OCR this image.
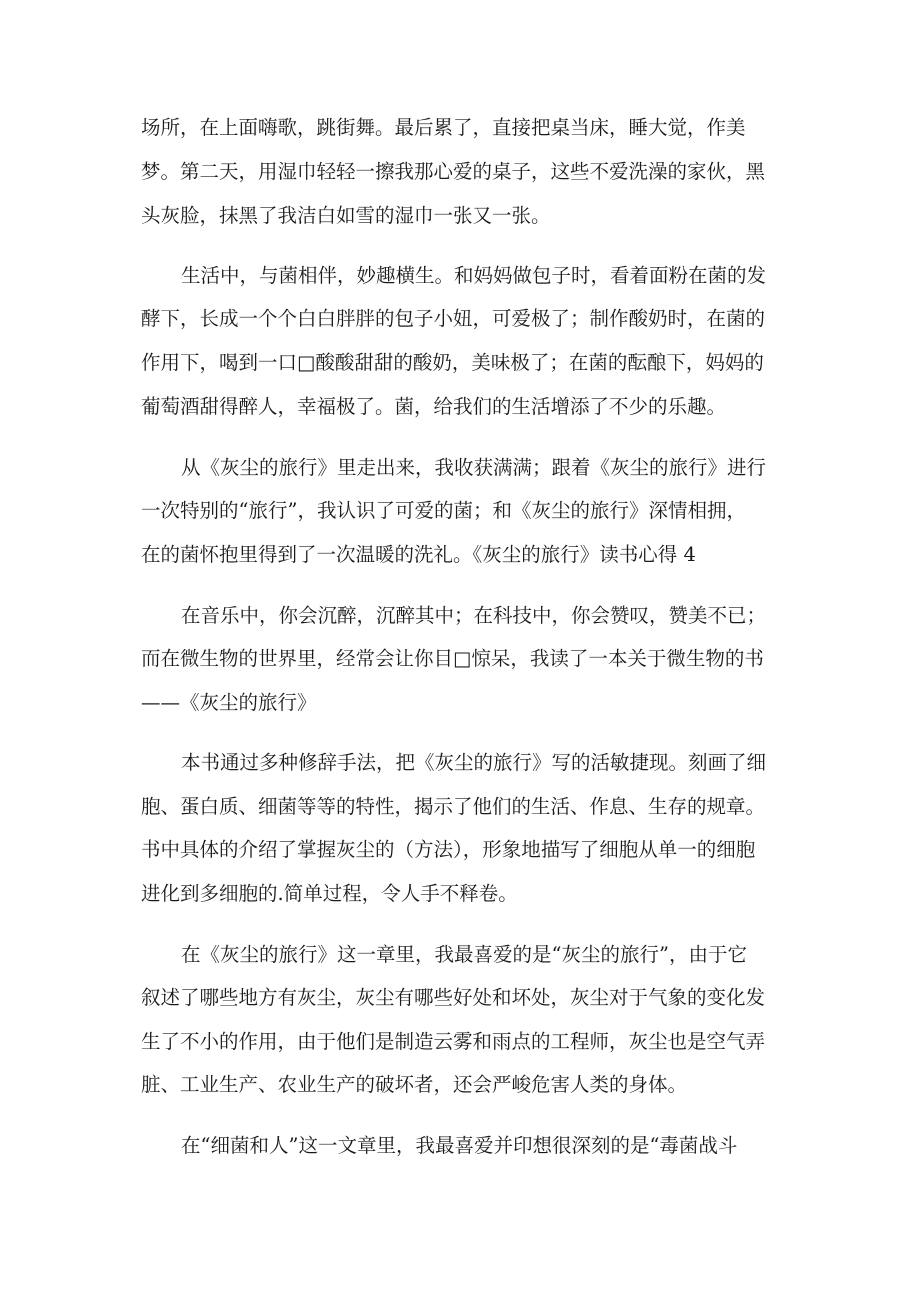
场所，在上面嗨歌，跳街舞。最后累了，直接把桌当床，睡大觉，作美
梦。第二天，用湿巾轻轻一擦我那心爱的桌子，这些不爱洗澡的家伙，黑
头灰脸，抹黑了我洁白如雪的湿巾一张又一张。
生活中，与菌相伴，妙趣横生。和妈妈做包子时，看着面粉在菌的发
酵下，长成一个个白白胖胖的包子小妞，可爱极了；制作酸奶时，在菌的
作用下，喝到一口□酸酸甜甜的酸奶，美味极了；在菌的酝酿下，妈妈的
葡萄酒甜得醉人，幸福极了。菌，给我们的生活增添了不少的乐趣。
从《灰尘的旅行》里走出来，我收获满满；跟着《灰尘的旅行》进行
一次特别的“旅行”，我认识了可爱的菌；和《灰尘的旅行》深情相拥，
在的菌怀抱里得到了一次温暖的洗礼。《灰尘的旅行》读书心得 4
在音乐中，你会沉醉，沉醉其中；在科技中，你会赞叹，赞美不已；
而在微生物的世界里，经常会让你目□惊呆，我读了一本关于微生物的书
——《灰尘的旅行》
本书通过多种修辞手法，把《灰尘的旅行》写的活敏捷现。刻画了细
胞、蛋白质、细菌等等的特性，揭示了他们的生活、作息、生存的规章。
书中具体的介绍了掌握灰尘的（方法），形象地描写了细胞从单一的细胞
进化到多细胞的.简单过程，令人手不释卷。
在《灰尘的旅行》这一章里，我最喜爱的是“灰尘的旅行”，由于它
叙述了哪些地方有灰尘，灰尘有哪些好处和坏处，灰尘对于气象的变化发
生了不小的作用，由于他们是制造云雾和雨点的工程师，灰尘也是空气弄
脏、工业生产、农业生产的破坏者，还会严峻危害人类的身体。
在“细菌和人”这一文章里，我最喜爱并印想很深刻的是“毒菌战斗
